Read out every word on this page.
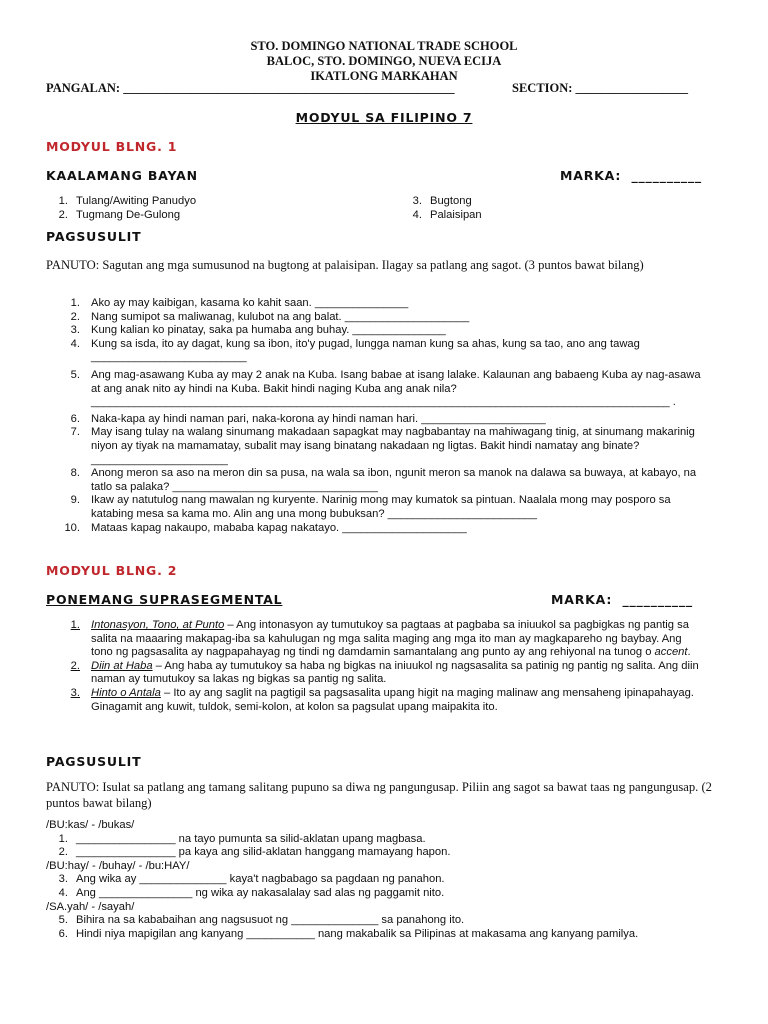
STO. DOMINGO NATIONAL TRADE SCHOOL
BALOC, STO. DOMINGO, NUEVA ECIJA
IKATLONG MARKAHAN
PANGALAN: _____________________________________________________	SECTION: __________________
MODYUL SA FILIPINO 7
MODYUL BLNG. 1
KAALAMANG BAYAN	MARKA: __________
1. Tulang/Awiting Panudyo
2. Tugmang De-Gulong
3. Bugtong
4. Palaisipan
PAGSUSULIT
PANUTO: Sagutan ang mga sumusunod na bugtong at palaisipan. Ilagay sa patlang ang sagot. (3 puntos bawat bilang)
1. Ako ay may kaibigan, kasama ko kahit saan. _______________
2. Nang sumipot sa maliwanag, kulubot na ang balat. ____________________
3. Kung kalian ko pinatay, saka pa humaba ang buhay. _______________
4. Kung sa isda, ito ay dagat, kung sa ibon, ito'y pugad, lungga naman kung sa ahas, kung sa tao, ano ang tawag _________________________
5. Ang mag-asawang Kuba ay may 2 anak na Kuba. Isang babae at isang lalake. Kalaunan ang babaeng Kuba ay nag-asawa at ang anak nito ay hindi na Kuba. Bakit hindi naging Kuba ang anak nila? _____________________________________________________________________________________________ .
6. Naka-kapa ay hindi naman pari, naka-korona ay hindi naman hari. ____________________
7. May isang tulay na walang sinumang makadaan sapagkat may nagbabantay na mahiwagang tinig, at sinumang makarinig niyon ay tiyak na mamamatay, subalit may isang binatang nakadaan ng ligtas. Bakit hindi namatay ang binate? ______________________
8. Anong meron sa aso na meron din sa pusa, na wala sa ibon, ngunit meron sa manok na dalawa sa buwaya, at kabayo, na tatlo sa palaka? _________________________________
9. Ikaw ay natutulog nang mawalan ng kuryente. Narinig mong may kumatok sa pintuan. Naalala mong may posporo sa katabing mesa sa kama mo. Alin ang una mong bubuksan? ________________________
10. Mataas kapag nakaupo, mababa kapag nakatayo. ____________________
MODYUL BLNG. 2
PONEMANG SUPRASEGMENTAL	MARKA: __________
1. Intonasyon, Tono, at Punto – Ang intonasyon ay tumutukoy sa pagtaas at pagbaba sa iniuukol sa pagbigkas ng pantig sa salita na maaaring makapag-iba sa kahulugan ng mga salita maging ang mga ito man ay magkapareho ng baybay. Ang tono ng pagsasalita ay nagpapahayag ng tindi ng damdamin samantalang ang punto ay ang rehiyonal na tunog o accent.
2. Diin at Haba – Ang haba ay tumutukoy sa haba ng bigkas na iniuukol ng nagsasalita sa patinig ng pantig ng salita. Ang diin naman ay tumutukoy sa lakas ng bigkas sa pantig ng salita.
3. Hinto o Antala – Ito ay ang saglit na pagtigil sa pagsasalita upang higit na maging malinaw ang mensaheng ipinapahayag. Ginagamit ang kuwit, tuldok, semi-kolon, at kolon sa pagsulat upang maipakita ito.
PAGSUSULIT
PANUTO: Isulat sa patlang ang tamang salitang pupuno sa diwa ng pangungusap. Piliin ang sagot sa bawat taas ng pangungusap. (2 puntos bawat bilang)
/BU:kas/ - /bukas/
1. ________________ na tayo pumunta sa silid-aklatan upang magbasa.
2. ________________ pa kaya ang silid-aklatan hanggang mamayang hapon.
/BU:hay/ - /buhay/ - /bu:HAY/
3. Ang wika ay ______________ kaya't nagbabago sa pagdaan ng panahon.
4. Ang _______________ ng wika ay nakasalalay sad alas ng paggamit nito.
/SA.yah/ - /sayah/
5. Bihira na sa kababaihan ang nagsusuot ng ______________ sa panahong ito.
6. Hindi niya mapigilan ang kanyang ___________ nang makabalik sa Pilipinas at makasama ang kanyang pamilya.
